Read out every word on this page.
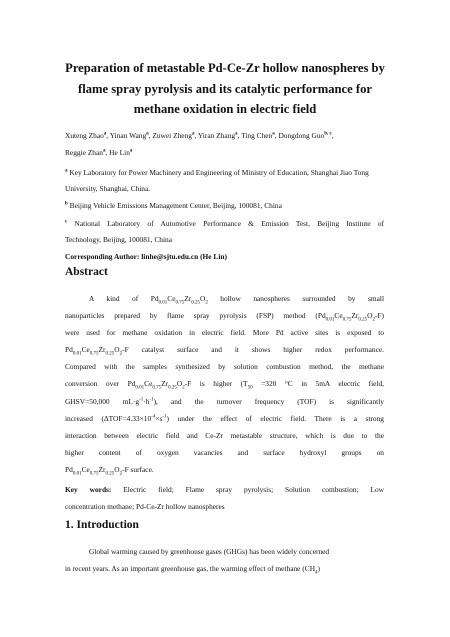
Preparation of metastable Pd-Ce-Zr hollow nanospheres by
flame spray pyrolysis and its catalytic performance for
methane oxidation in electric field
Xuteng Zhao$^a$, Yinan Wang$^a$, Zuwei Zheng$^a$, Yiran Zhang$^a$, Ting Chen$^a$, Dongdong Guo$^{b, c}$,
Reggie Zhan$^a$, He Lin$^a$
$^a$ Key Laboratory for Power Machinery and Engineering of Ministry of Education, Shanghai Jiao Tong
University, Shanghai, China.
$^b$ Beijing Vehicle Emissions Management Center, Beijing, 100081, China
$^c$ National Laboratory of Automotive Performance & Emission Test, Beijing Institute of
Technology, Beijing, 100081, China
Corresponding Author: linhe@sjtu.edu.cn (He Lin)
Abstract
A kind of $Pd_{0.01}Ce_{0.75}Zr_{0.25}O_2$ hollow nanospheres surrounded by small
nanoparticles prepared by flame spray pyrolysis (FSP) method $(Pd_{0.01}Ce_{0.75}Zr_{0.25}O_2-F)$
were used for methane oxidation in electric field. More Pd active sites is exposed to
$Pd_{0.01}Ce_{0.75}Zr_{0.25}O_2-F$ catalyst surface and it shows higher redox performance.
Compared with the samples synthesized by solution combustion method, the methane
conversion over $Pd_{0.01}Ce_{0.75}Zr_{0.25}O_2-F$ is higher ($T_{50} =320$ °C in 5mA electric field,
GHSV=50,000 $mL\cdot g^{-1}\cdot h^{-1}$), and the turnover frequency (TOF) is significantly
increased $(\Delta TOF=4.33\times 10^{-4}\times s^{-1})$ under the effect of electric field. There is a strong
interaction between electric field and Ce-Zr metastable structure, which is due to the
higher content of oxygen vacancies and surface hydroxyl groups on
$Pd_{0.01}Ce_{0.75}Zr_{0.25}O_2-F$ surface.
Key words: Electric field; Flame spray pyrolysis; Solution combustion; Low
concentration methane; Pd-Ce-Zr hollow nanospheres
1. Introduction
Global warming caused by greenhouse gases (GHGs) has been widely concerned
in recent years. As an important greenhouse gas, the warming effect of methane $(CH_4)$
